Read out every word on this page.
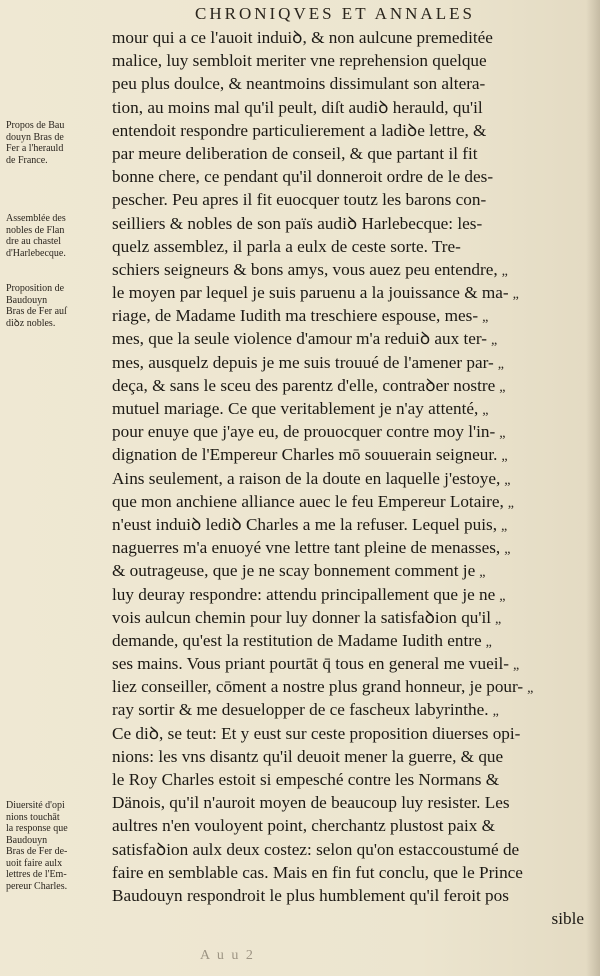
CHRONIQVES ET ANNALES
mour qui a ce l'auoit induiꝺ, & non aulcune premeditée
malice, luy sembloit meriter vne reprehension quelque
peu plus doulce, & neantmoins dissimulant son altera-
tion, au moins mal qu'il peult, diſt audiꝺ herauld, qu'il
entendoit respondre particulierement a ladiꝺe lettre, &
par meure deliberation de conseil, & que partant il fit
bonne chere, ce pendant qu'il donneroit ordre de le des-
pescher. Peu apres il fit euocquer toutz les barons con-
seilliers & nobles de son païs audiꝺ Harlebecque: les-
quelz assemblez, il parla a eulx de ceste sorte. Tre-
schiers seigneurs & bons amys, vous auez peu entendre, „
le moyen par lequel je suis paruenu a la jouissance & ma- „
riage, de Madame Iudith ma treschiere espouse, mes- „
mes, que la seule violence d'amour m'a reduiꝺ aux ter- „
mes, ausquelz depuis je me suis trouué de l'amener par- „
deça, & sans le sceu des parentz d'elle, contraꝺer nostre „
mutuel mariage. Ce que veritablement je n'ay attenté, „
pour enuye que j'aye eu, de prouocquer contre moy l'in- „
dignation de l'Empereur Charles mō souuerain seigneur. „
Ains seulement, a raison de la doute en laquelle j'estoye, „
que mon anchiene alliance auec le feu Empereur Lotaire, „
n'eust induiꝺ lediꝺ Charles a me la refuser. Lequel puis, „
naguerres m'a enuoyé vne lettre tant pleine de menasses, „
& outrageuse, que je ne scay bonnement comment je „
luy deuray respondre: attendu principallement que je ne „
vois aulcun chemin pour luy donner la satisfaꝺion qu'il „
demande, qu'est la restitution de Madame Iudith entre „
ses mains. Vous priant pourtāt q̄ tous en general me vueil- „
liez conseiller, cōment a nostre plus grand honneur, je pour- „
ray sortir & me desuelopper de ce fascheux labyrinthe. „
Ce diꝺ, se teut: Et y eust sur ceste proposition diuerses opi-
nions: les vns disantz qu'il deuoit mener la guerre, & que
le Roy Charles estoit si empesché contre les Normans &
Dänois, qu'il n'auroit moyen de beaucoup luy resister. Les
aultres n'en vouloyent point, cherchantz plustost paix &
satisfaꝺion aulx deux costez: selon qu'on estaccoustumé de
faire en semblable cas. Mais en fin fut conclu, que le Prince
Baudouyn respondroit le plus humblement qu'il feroit pos
sible
Propos de Bau
douyn Bras de
Fer a l'herauld
de France.
Assemblée des
nobles de Flan
dre au chastel
d'Harlebecque.
Proposition de
Baudouyn
Bras de Fer auſ
diꝺz nobles.
Diuersité d'opi
nions touchāt
la response que
Baudouyn
Bras de Fer de-
uoit faire aulx
lettres de l'Em-
pereur Charles.
A u u 2
